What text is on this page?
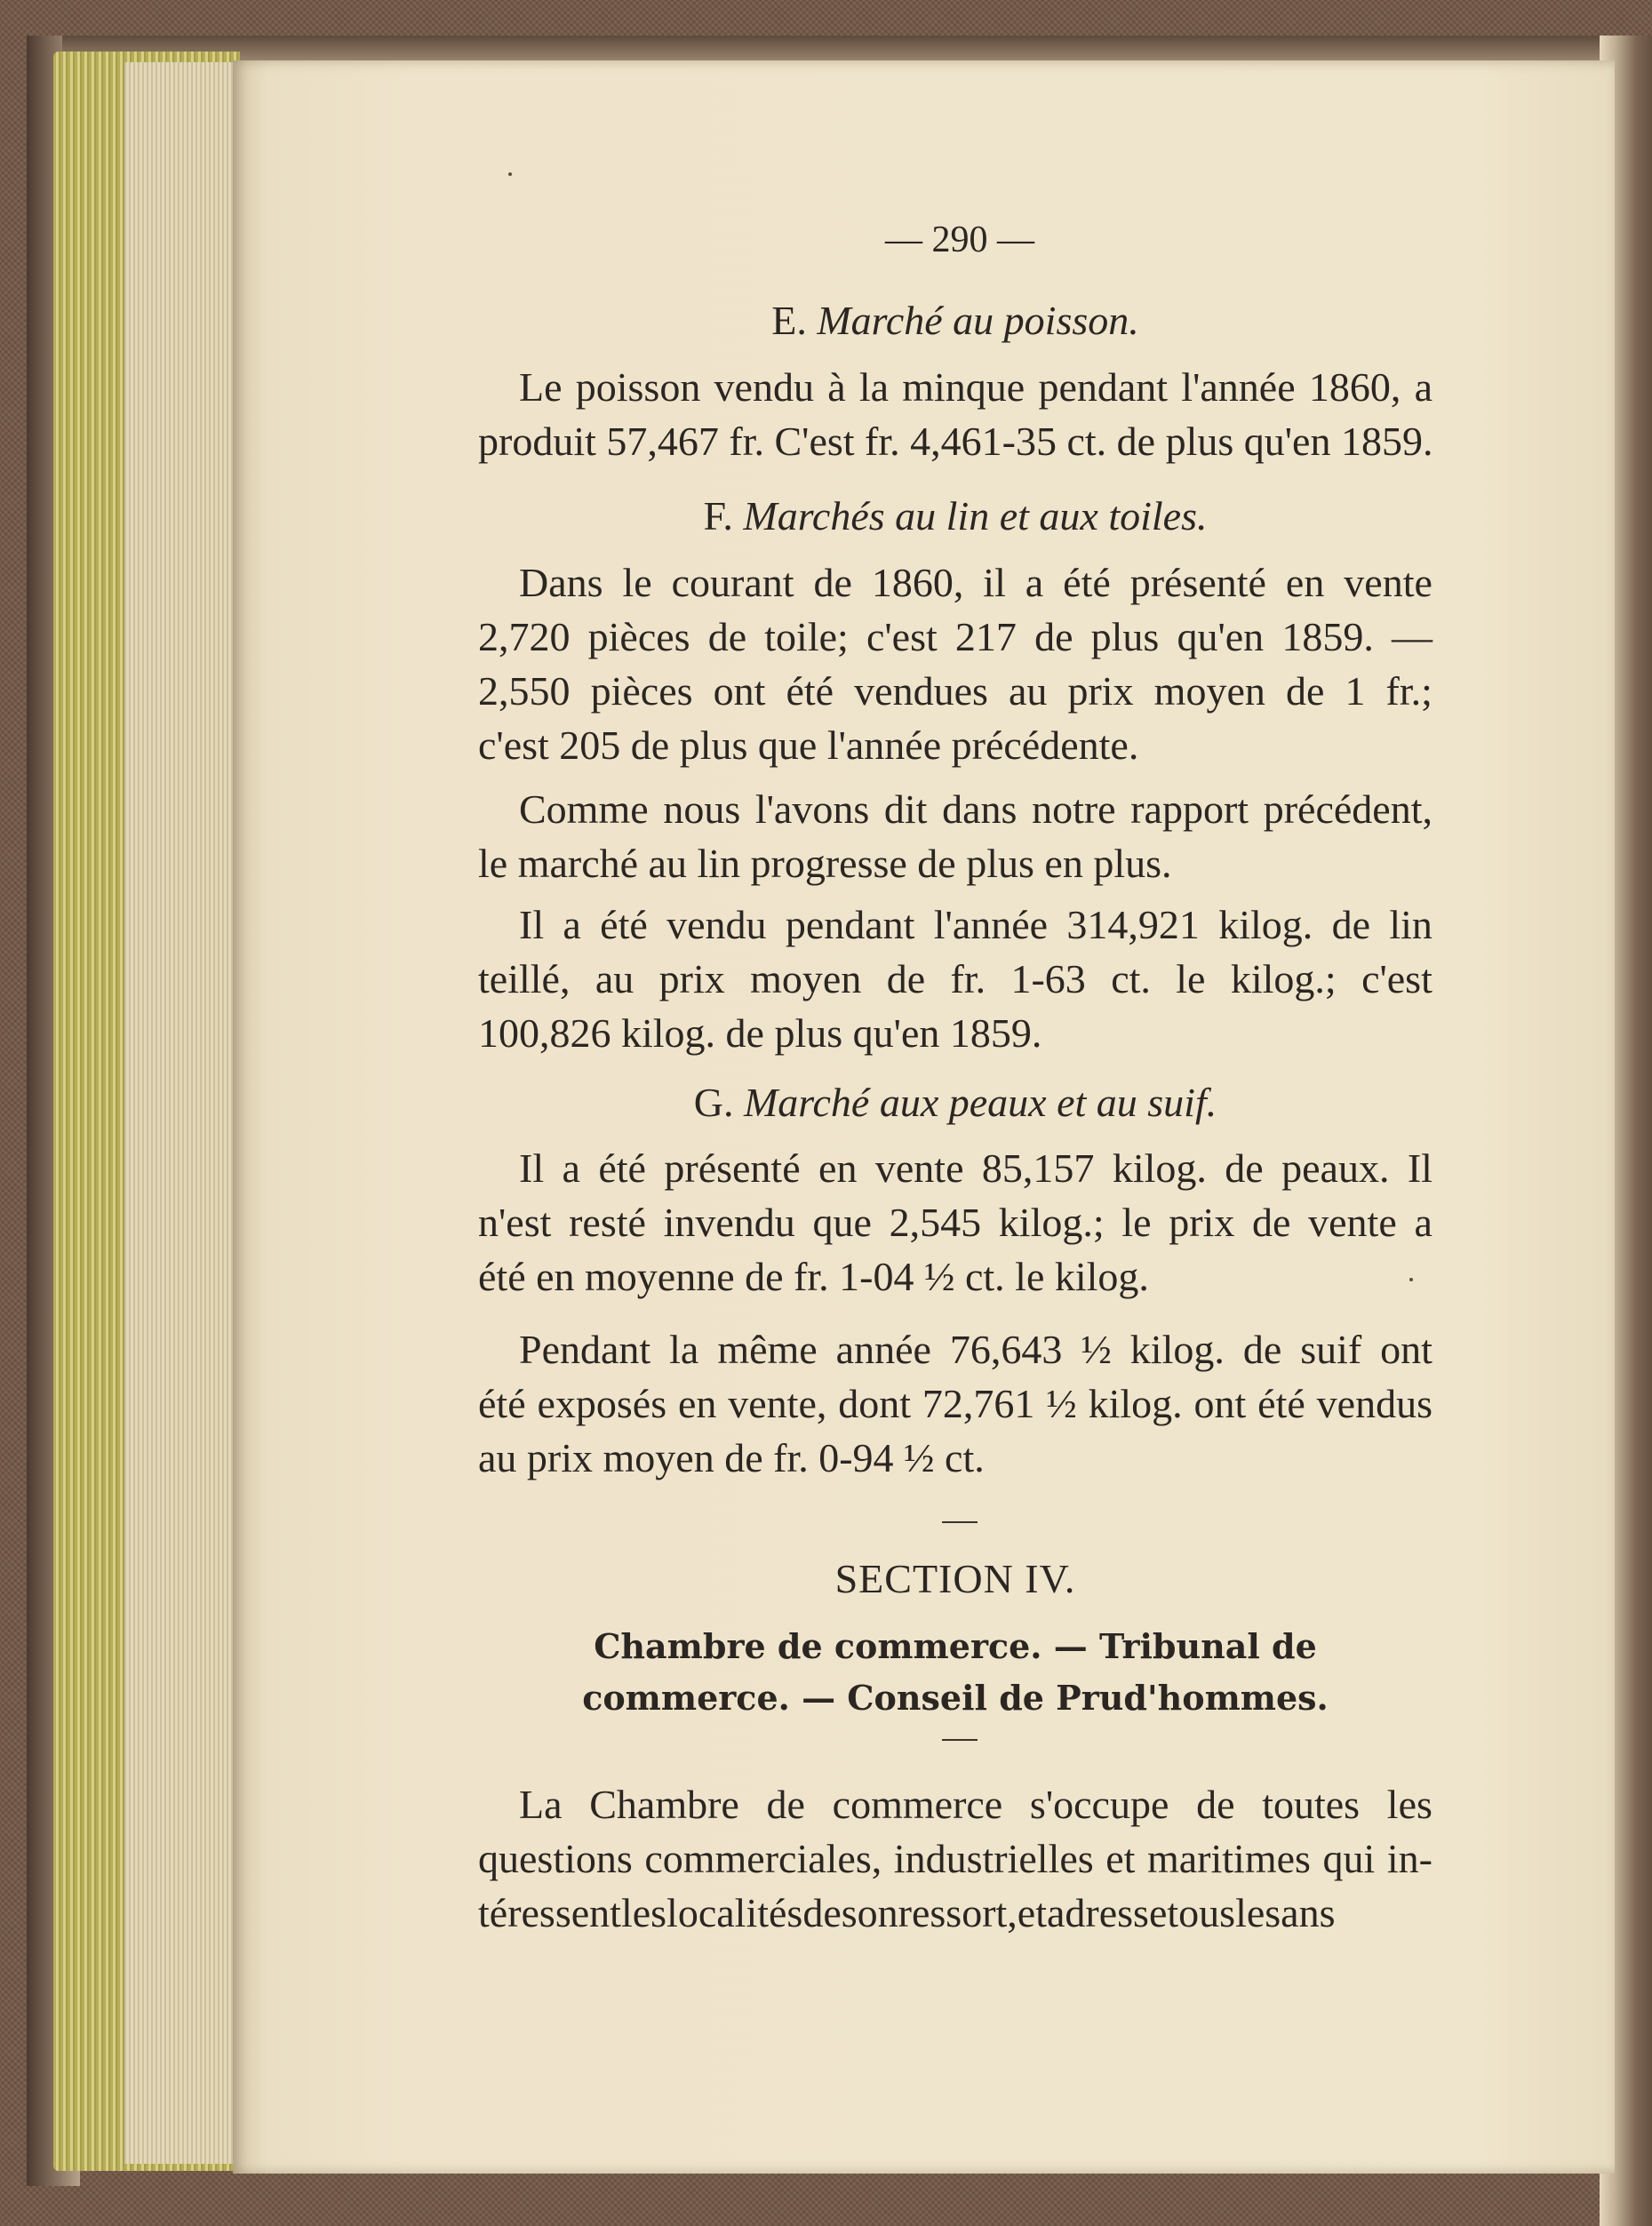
— 290 —
E. Marché au poisson.
Le poisson vendu à la minque pendant l'année 1860, a
produit 57,467 fr. C'est fr. 4,461-35 ct. de plus qu'en 1859.
F. Marchés au lin et aux toiles.
Dans le courant de 1860, il a été présenté en vente
2,720 pièces de toile; c'est 217 de plus qu'en 1859. —
2,550 pièces ont été vendues au prix moyen de 1 fr.;
c'est 205 de plus que l'année précédente.
Comme nous l'avons dit dans notre rapport précédent,
le marché au lin progresse de plus en plus.
Il a été vendu pendant l'année 314,921 kilog. de lin
teillé, au prix moyen de fr. 1-63 ct. le kilog.; c'est
100,826 kilog. de plus qu'en 1859.
G. Marché aux peaux et au suif.
Il a été présenté en vente 85,157 kilog. de peaux. Il
n'est resté invendu que 2,545 kilog.; le prix de vente a
été en moyenne de fr. 1-04 ½ ct. le kilog.
Pendant la même année 76,643 ½ kilog. de suif ont
été exposés en vente, dont 72,761 ½ kilog. ont été vendus
au prix moyen de fr. 0-94 ½ ct.
SECTION IV.
Chambre de commerce. — Tribunal de
commerce. — Conseil de Prud'hommes.
La Chambre de commerce s'occupe de toutes les
questions commerciales, industrielles et maritimes qui in-
téressent les localités de son ressort, et adresse tous les ans
